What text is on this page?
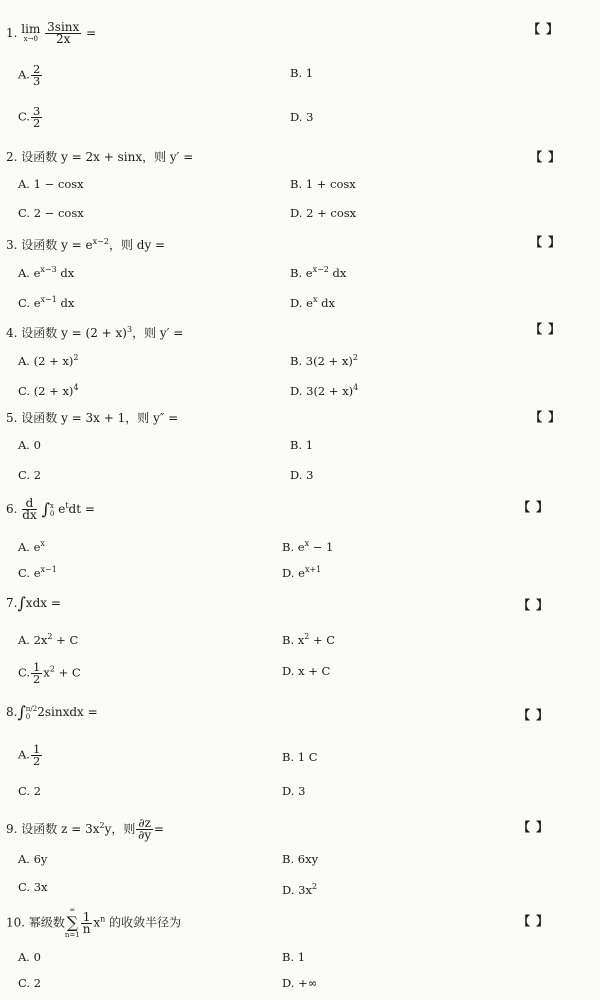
1. lim
x→0
$\frac{3\sin x}{2x}$ =	【 】
A. $\frac{2}{3}$	B. 1
C. $\frac{3}{2}$	D. 3
2. 设函数 y = 2x + sinx，则 y′ =	【 】
A. 1 − cosx	B. 1 + cosx
C. 2 − cosx	D. 2 + cosx
3. 设函数 $y = e^{x-2}$，则 dy =	【 】
A. $e^{x-3}$ dx	B. $e^{x-2}$ dx
C. $e^{x-1}$ dx	D. $e^x$ dx
4. 设函数 $y = (2 + x)^3$，则 y′ =	【 】
A. $(2 + x)^2$	B. $3(2 + x)^2$
C. $(2 + x)^4$	D. $3(2 + x)^4$
5. 设函数 y = 3x + 1，则 y″ =	【 】
A. 0	B. 1
C. 2	D. 3
6. $\frac{d}{dx} \int x$
0 $e^tdt$ =	【 】
A. $e^x$	B. $e^x - 1$
C. $e^{x-1}$	D. $e^{x+1}$
7.∫xdx =	【 】
A. $2x^2 + C$	B. $x^2 + C$
C. $\frac{1}{2} x^2 + C$	D. x + C
8.∫π/2
0 2sinxdx =	【 】
A. $\frac{1}{2}$	B. 1 C
C. 2	D. 3
9. 设函数 $z = 3x^2y$，则 $\frac{\partial z}{\partial y}$ =	【 】
A. 6y	B. 6xy
C. 3x	D. $3x^2$
10. 幂级数∞
∑
n=1
$\frac{1}{n} x^n$ 的收敛半径为	【 】
A. 0	B. 1
C. 2	D. +∞
